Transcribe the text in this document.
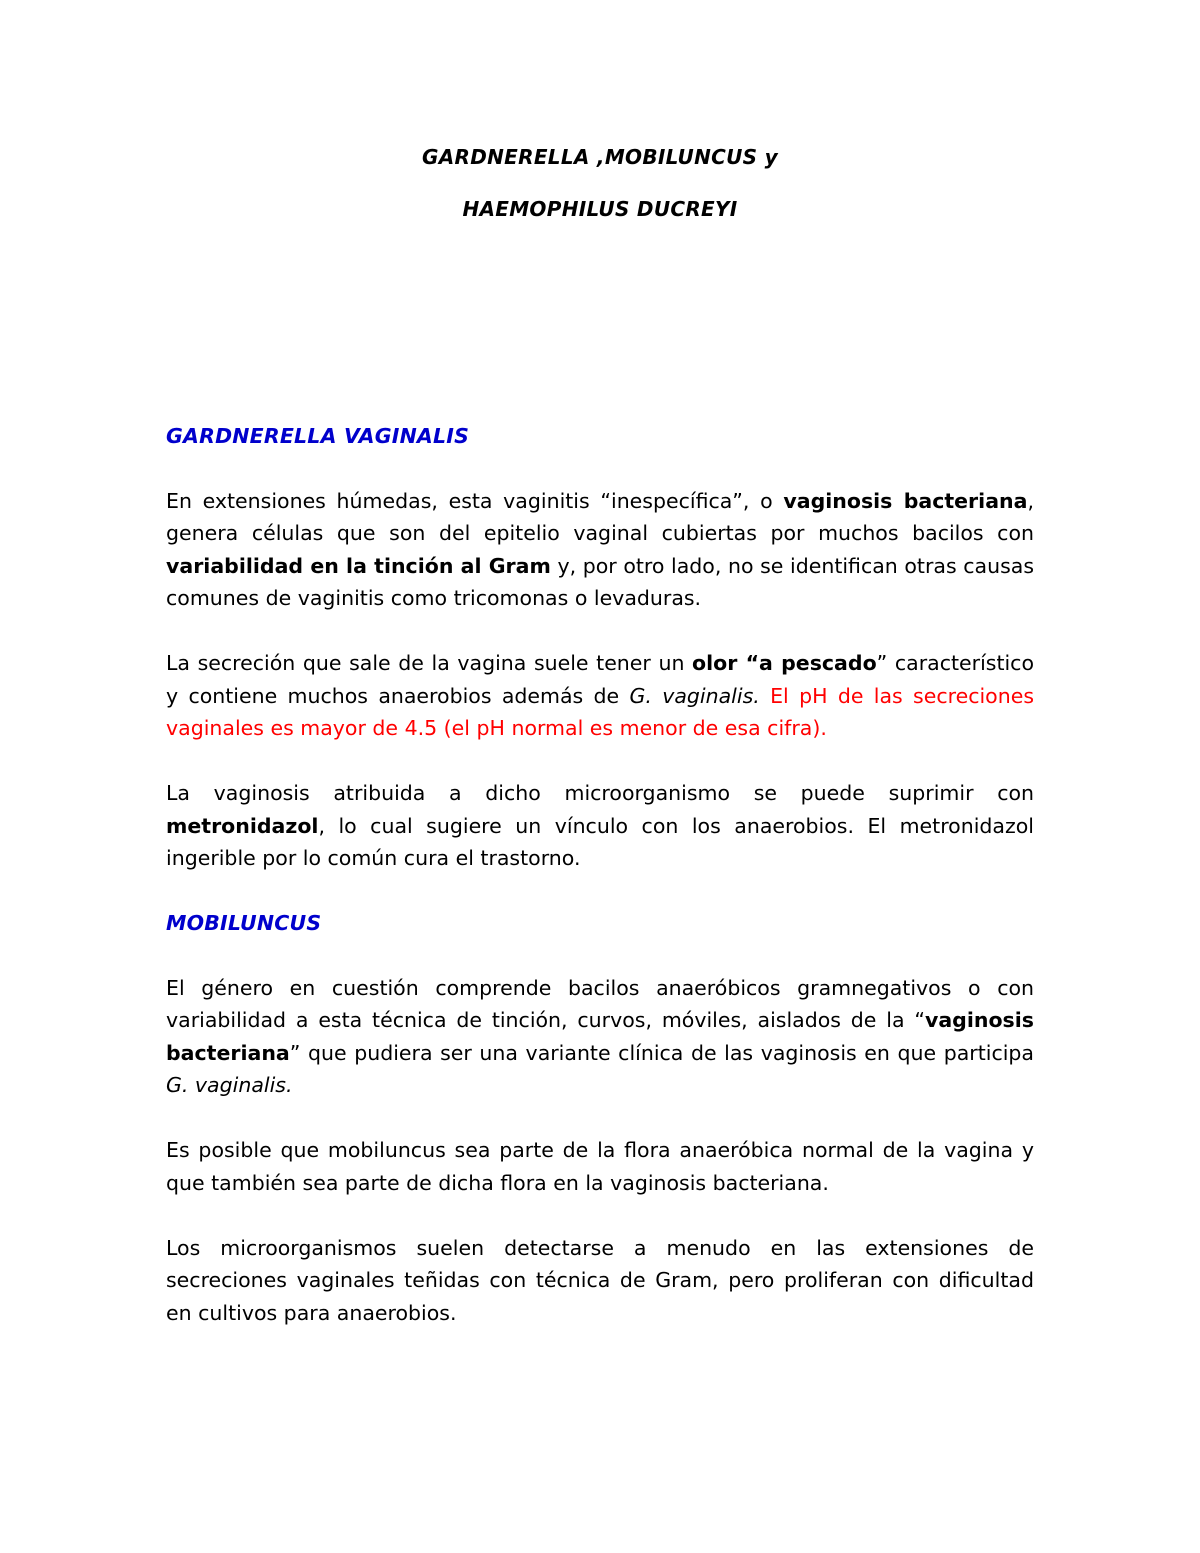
GARDNERELLA ,MOBILUNCUS y
HAEMOPHILUS DUCREYI
GARDNERELLA VAGINALIS

En extensiones húmedas, esta vaginitis “inespecífica”, o vaginosis bacteriana, genera células que son del epitelio vaginal cubiertas por muchos bacilos con variabilidad en la tinción al Gram y, por otro lado, no se identifican otras causas comunes de vaginitis como tricomonas o levaduras.

La secreción que sale de la vagina suele tener un olor “a pescado” característico y contiene muchos anaerobios además de G. vaginalis. El pH de las secreciones vaginales es mayor de 4.5 (el pH normal es menor de esa cifra).

La vaginosis atribuida a dicho microorganismo se puede suprimir con metronidazol, lo cual sugiere un vínculo con los anaerobios. El metronidazol ingerible por lo común cura el trastorno.

MOBILUNCUS

El género en cuestión comprende bacilos anaeróbicos gramnegativos o con variabilidad a esta técnica de tinción, curvos, móviles, aislados de la “vaginosis bacteriana” que pudiera ser una variante clínica de las vaginosis en que participa G. vaginalis.

Es posible que mobiluncus sea parte de la flora anaeróbica normal de la vagina y que también sea parte de dicha flora en la vaginosis bacteriana.

Los microorganismos suelen detectarse a menudo en las extensiones de secreciones vaginales teñidas con técnica de Gram, pero proliferan con dificultad en cultivos para anaerobios.
